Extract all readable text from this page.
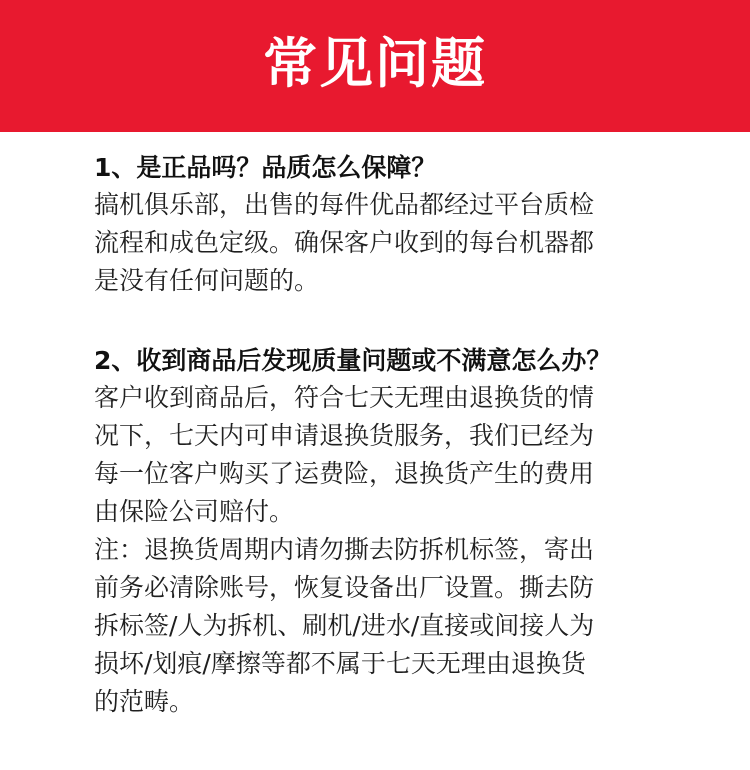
常见问题
1、是正品吗？品质怎么保障？
搞机俱乐部，出售的每件优品都经过平台质检
流程和成色定级。确保客户收到的每台机器都
是没有任何问题的。
2、收到商品后发现质量问题或不满意怎么办？
客户收到商品后，符合七天无理由退换货的情
况下，七天内可申请退换货服务，我们已经为
每一位客户购买了运费险，退换货产生的费用
由保险公司赔付。
注：退换货周期内请勿撕去防拆机标签，寄出
前务必清除账号，恢复设备出厂设置。撕去防
拆标签/人为拆机、刷机/进水/直接或间接人为
损坏/划痕/摩擦等都不属于七天无理由退换货
的范畴。
